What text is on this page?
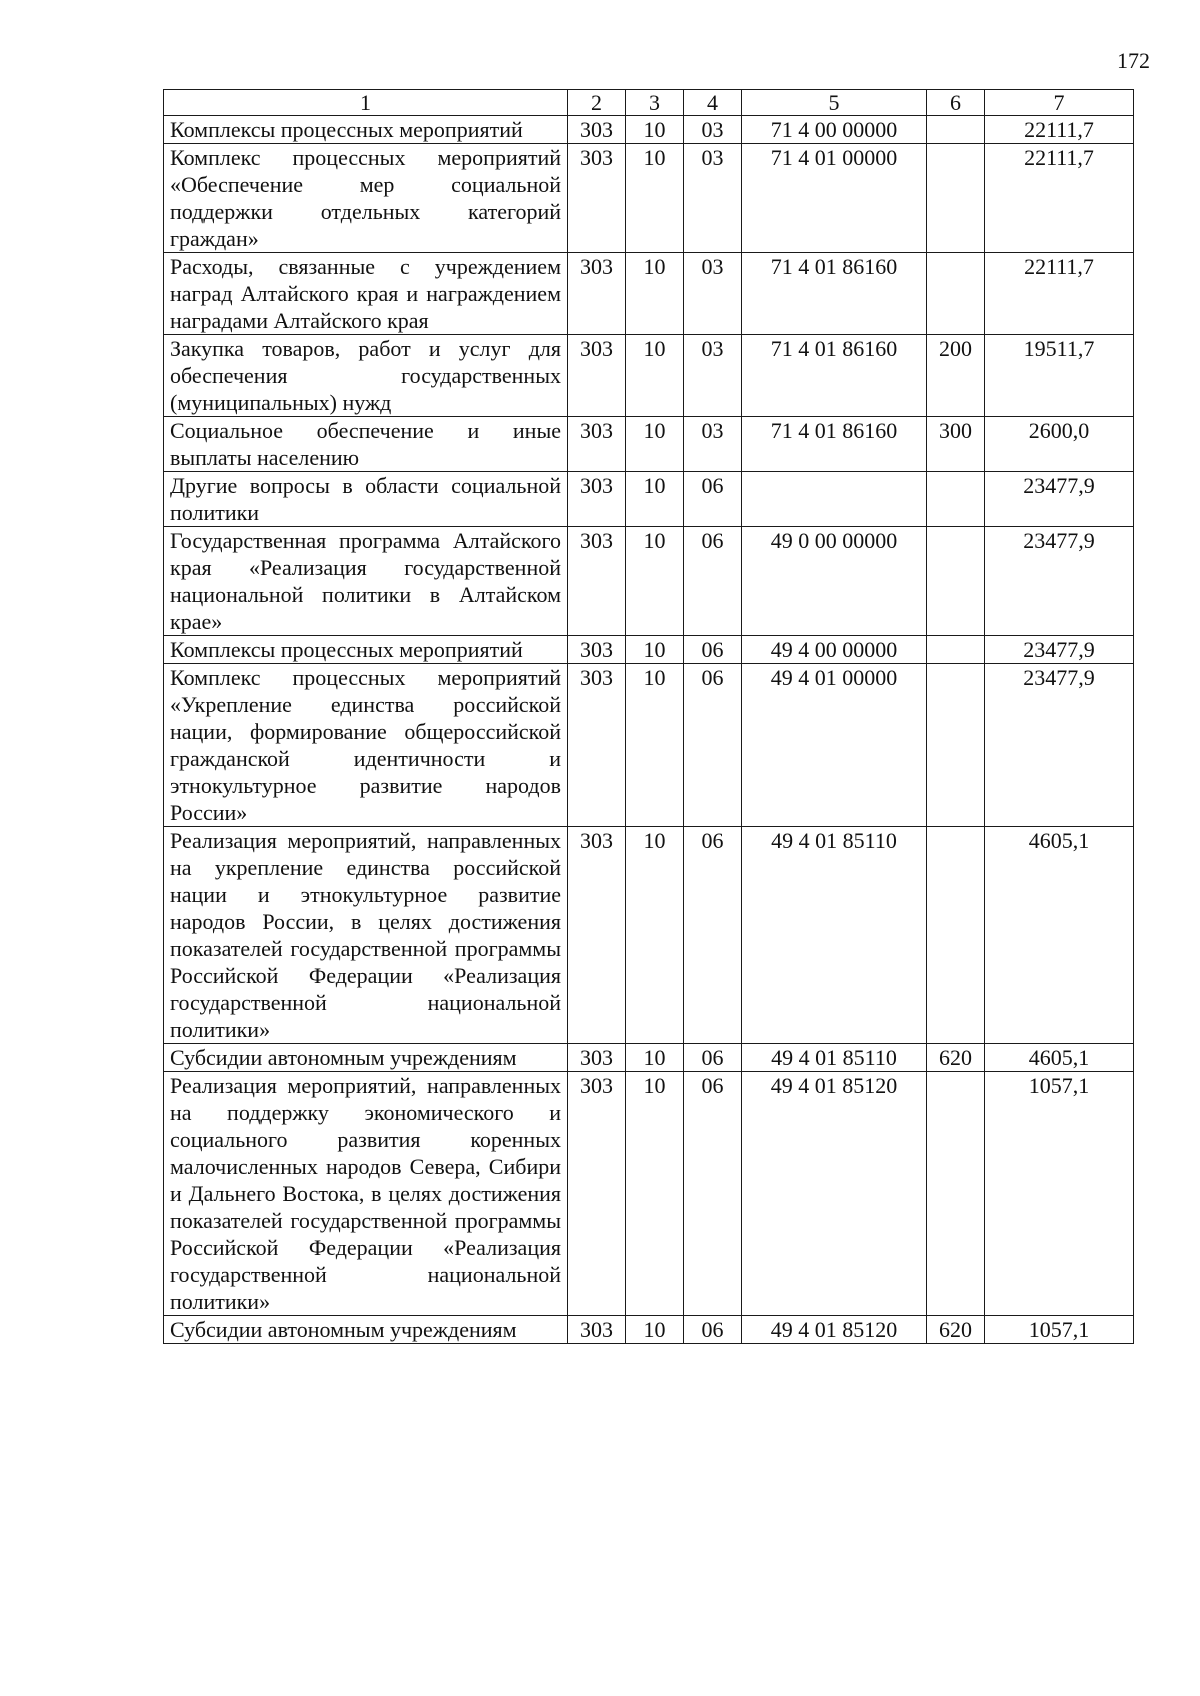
172
1	2	3	4	5	6	7
Комплексы процессных мероприятий	303	10	03	71 4 00 00000		22111,7
Комплекс процессных мероприятий «Обеспечение мер социальной поддержки отдельных категорий граждан»	303	10	03	71 4 01 00000		22111,7
Расходы, связанные с учреждением наград Алтайского края и награждением наградами Алтайского края	303	10	03	71 4 01 86160		22111,7
Закупка товаров, работ и услуг для обеспечения государственных (муниципальных) нужд	303	10	03	71 4 01 86160	200	19511,7
Социальное обеспечение и иные выплаты населению	303	10	03	71 4 01 86160	300	2600,0
Другие вопросы в области социальной политики	303	10	06			23477,9
Государственная программа Алтайского края «Реализация государственной национальной политики в Алтайском крае»	303	10	06	49 0 00 00000		23477,9
Комплексы процессных мероприятий	303	10	06	49 4 00 00000		23477,9
Комплекс процессных мероприятий «Укрепление единства российской нации, формирование общероссийской гражданской идентичности и этнокультурное развитие народов России»	303	10	06	49 4 01 00000		23477,9
Реализация мероприятий, направленных на укрепление единства российской нации и этнокультурное развитие народов России, в целях достижения показателей государственной программы Российской Федерации «Реализация государственной национальной политики»	303	10	06	49 4 01 85110		4605,1
Субсидии автономным учреждениям	303	10	06	49 4 01 85110	620	4605,1
Реализация мероприятий, направленных на поддержку экономического и социального развития коренных малочисленных народов Севера, Сибири и Дальнего Востока, в целях достижения показателей государственной программы Российской Федерации «Реализация государственной национальной политики»	303	10	06	49 4 01 85120		1057,1
Субсидии автономным учреждениям	303	10	06	49 4 01 85120	620	1057,1
